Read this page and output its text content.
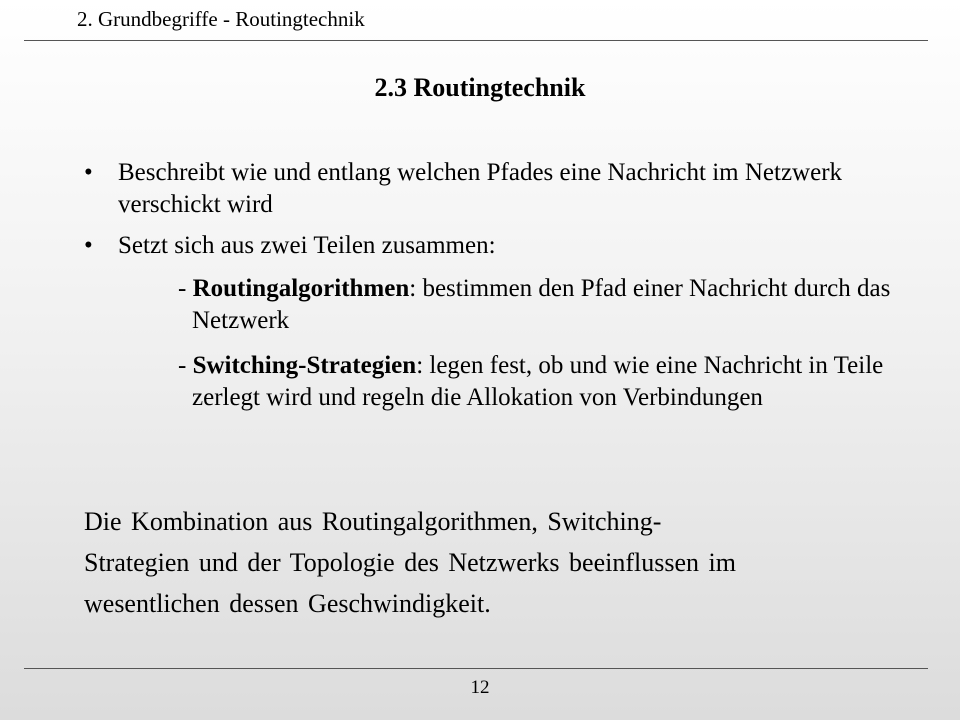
2. Grundbegriffe - Routingtechnik
2.3 Routingtechnik
• Beschreibt wie und entlang welchen Pfades eine Nachricht im Netzwerk verschickt wird
• Setzt sich aus zwei Teilen zusammen:
- Routingalgorithmen: bestimmen den Pfad einer Nachricht durch das Netzwerk
- Switching-Strategien: legen fest, ob und wie eine Nachricht in Teile zerlegt wird und regeln die Allokation von Verbindungen
Die Kombination aus Routingalgorithmen, Switching-
Strategien und der Topologie des Netzwerks beeinflussen im
wesentlichen dessen Geschwindigkeit.
12
